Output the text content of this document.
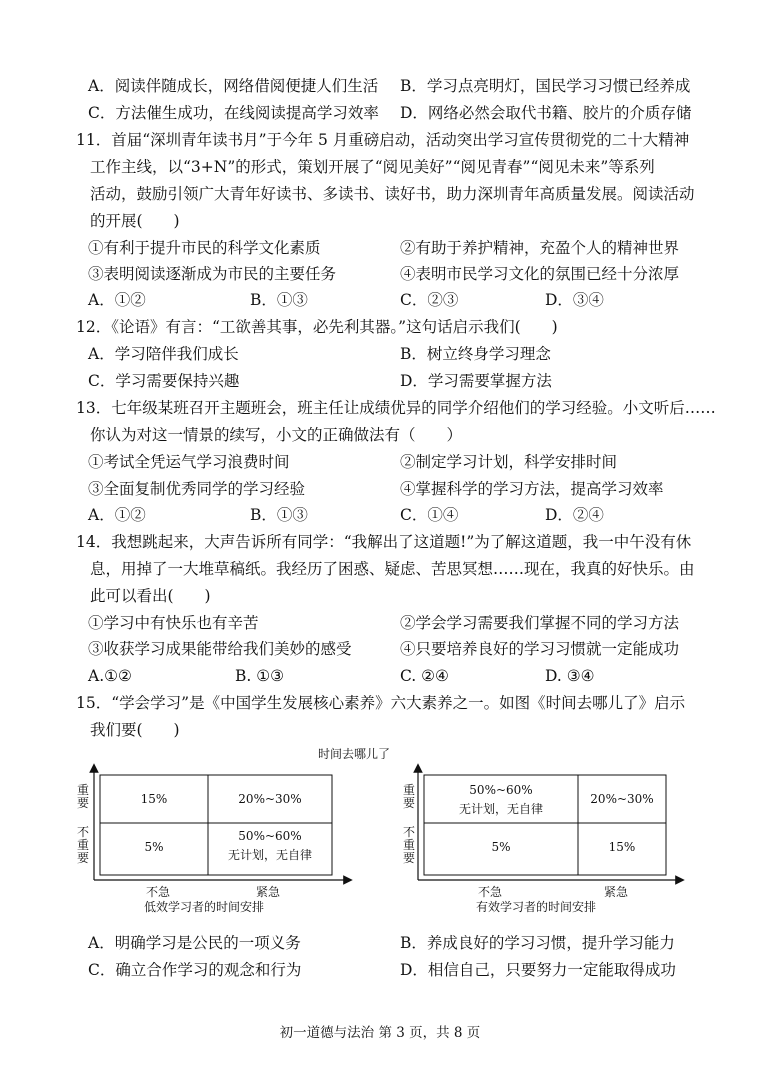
A．阅读伴随成长，网络借阅便捷人们生活 B．学习点亮明灯，国民学习习惯已经养成
C．方法催生成功，在线阅读提高学习效率 D．网络必然会取代书籍、胶片的介质存储
11．首届“深圳青年读书月”于今年 5 月重磅启动，活动突出学习宣传贯彻党的二十大精神
工作主线，以“3+N”的形式，策划开展了“阅见美好”“阅见青春”“阅见未来”等系列
活动，鼓励引领广大青年好读书、多读书、读好书，助力深圳青年高质量发展。阅读活动
的开展(　　)
①有利于提升市民的科学文化素质	②有助于养护精神，充盈个人的精神世界
③表明阅读逐渐成为市民的主要任务	④表明市民学习文化的氛围已经十分浓厚
A．①②	B．①③	C．②③	D．③④
12．《论语》有言：“工欲善其事，必先利其器。”这句话启示我们(　　)
A．学习陪伴我们成长	B．树立终身学习理念
C．学习需要保持兴趣	D．学习需要掌握方法
13．七年级某班召开主题班会，班主任让成绩优异的同学介绍他们的学习经验。小文听后……
你认为对这一情景的续写，小文的正确做法有（　　）
①考试全凭运气学习浪费时间	②制定学习计划，科学安排时间
③全面复制优秀同学的学习经验	④掌握科学的学习方法，提高学习效率
A．①②	B．①③	C．①④	D．②④
14．我想跳起来，大声告诉所有同学：“我解出了这道题!”为了解这道题，我一中午没有休
息，用掉了一大堆草稿纸。我经历了困惑、疑虑、苦思冥想……现在，我真的好快乐。由
此可以看出(　　)
①学习中有快乐也有辛苦	②学会学习需要我们掌握不同的学习方法
③收获学习成果能带给我们美妙的感受	④只要培养良好的学习习惯就一定能成功
A.①②	B. ①③	C. ②④	D. ③④
15．“学会学习”是《中国学生发展核心素养》六大素养之一。如图《时间去哪儿了》启示
我们要(　　)
时间去哪儿了
重要
不重要
15%	20%~30%
5%
50%~60%
无计划，无自律
不急	紧急
低效学习者的时间安排
重要
不重要
50%~60%
无计划，无自律
20%~30%
5%	15%
不急	紧急
有效学习者的时间安排
A．明确学习是公民的一项义务	B．养成良好的学习习惯，提升学习能力
C．确立合作学习的观念和行为	D．相信自己，只要努力一定能取得成功
初一道德与法治 第 3 页，共 8 页
